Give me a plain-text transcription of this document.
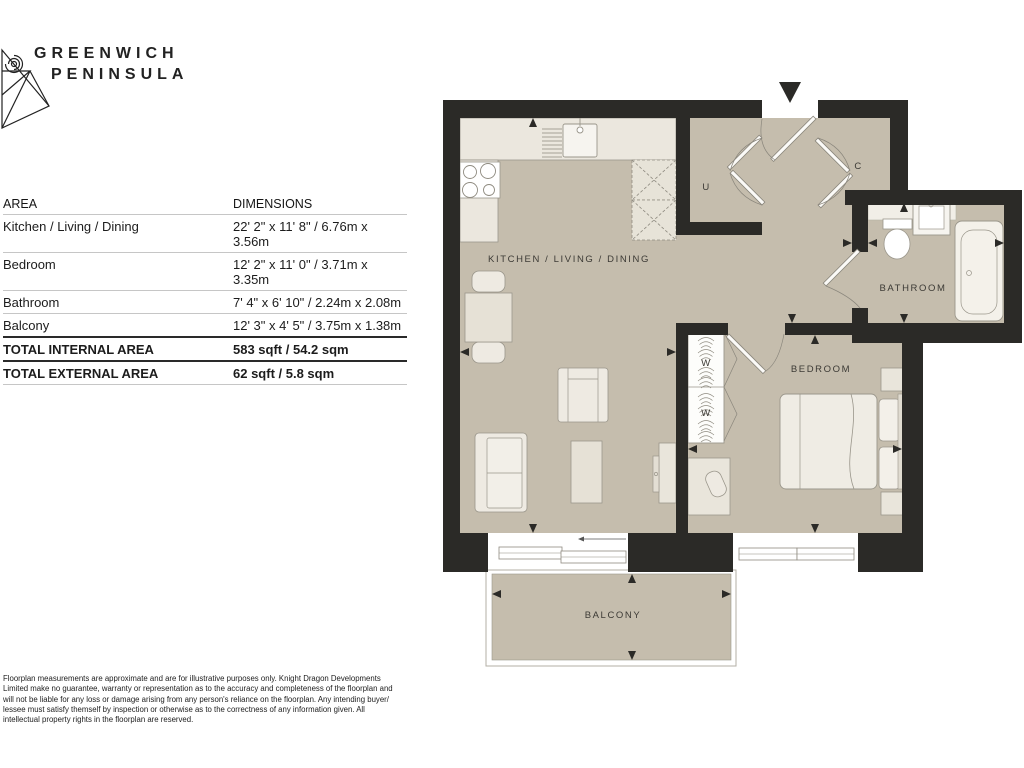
GREENWICH
PENINSULA
AREA	DIMENSIONS
Kitchen / Living / Dining	22' 2" x 11' 8" / 6.76m x 3.56m
Bedroom	12' 2" x 11' 0" / 3.71m x 3.35m
Bathroom	7' 4" x 6' 10" / 2.24m x 2.08m
Balcony	12' 3" x 4' 5" / 3.75m x 1.38m
TOTAL INTERNAL AREA	583 sqft / 54.2 sqm
TOTAL EXTERNAL AREA	62 sqft / 5.8 sqm
Floorplan measurements are approximate and are for illustrative purposes only. Knight Dragon Developments Limited make no guarantee, warranty or representation as to the accuracy and completeness of the floorplan and will not be liable for any loss or damage arising from any person's reliance on the floorplan. Any intending buyer/ lessee must satisfy themself by inspection or otherwise as to the correctness of any information given. All intellectual property rights in the floorplan are reserved.
KITCHEN / LIVING / DINING
BEDROOM
BATHROOM
BALCONY
U
C
W
W
